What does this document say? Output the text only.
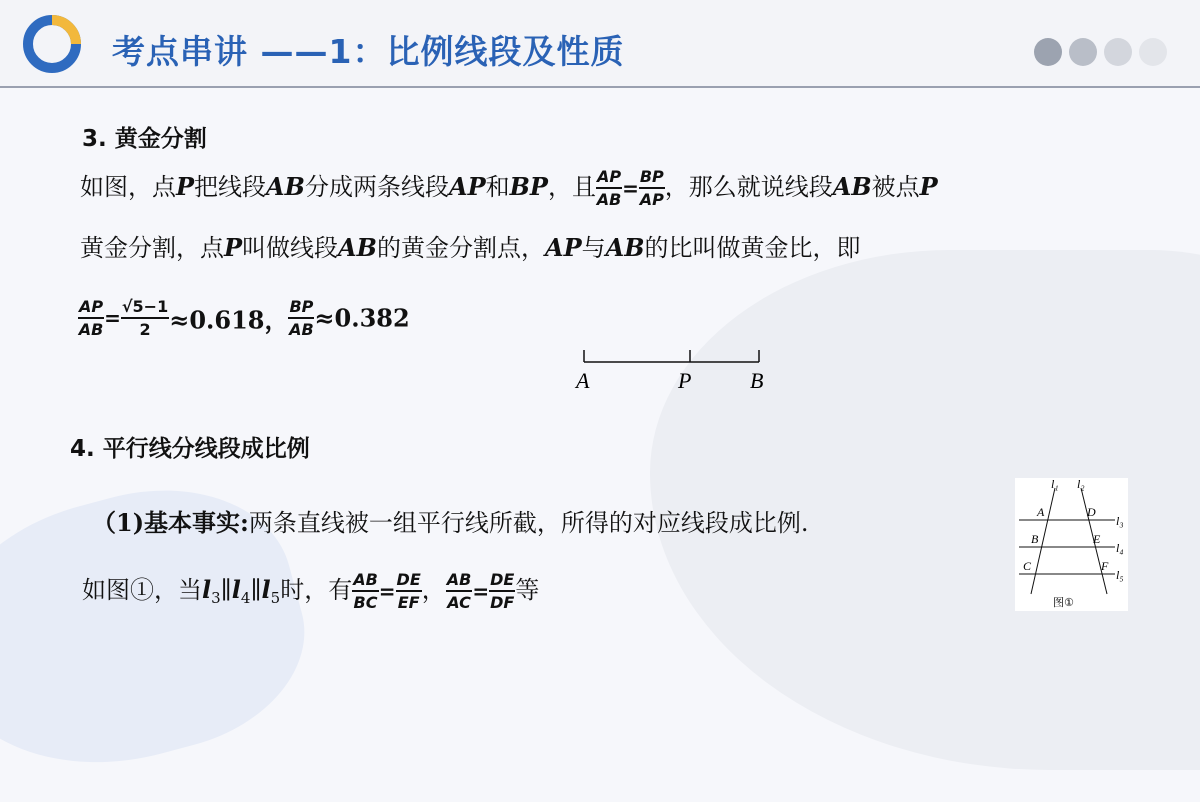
考点串讲 ——1：比例线段及性质
3. 黄金分割
如图，点P把线段AB分成两条线段AP和BP，且 $\frac{AP}{AB} = \frac{BP}{AP}$ ，那么就说线段AB被点P
黄金分割，点P叫做线段AB的黄金分割点，AP与AB的比叫做黄金比，即
$\frac{AP}{AB} = \frac{√5-1}{2} \approx 0.618$， $\frac{BP}{AB} \approx 0.382$
A	P	B
4. 平行线分线段成比例
（1)基本事实:两条直线被一组平行线所截，所得的对应线段成比例.
如图①，当$l_3\parallel l_4\parallel l_5$时，有 $\frac{AB}{BC} = \frac{DE}{EF}$ ， $\frac{AB}{AC} = \frac{DE}{DF}$ 等
l₁ l₂
l₃
l₄
l₅
A
B
C
D
E
F
图①
